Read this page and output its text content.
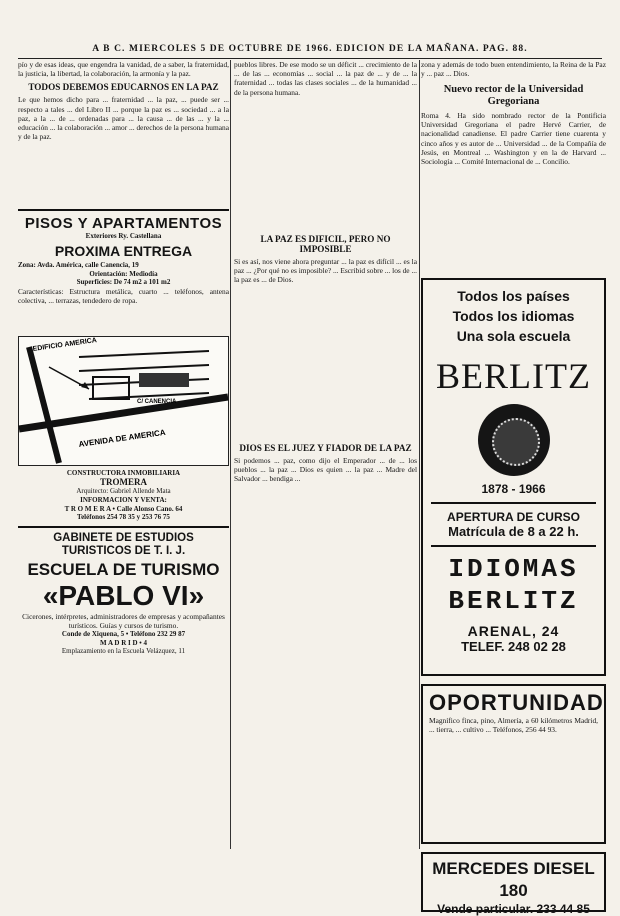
A B C. MIERCOLES 5 DE OCTUBRE DE 1966. EDICION DE LA MAÑANA. PAG. 88.

pío y de esas ideas, que engendra la vanidad, de a saber, la fraternidad, la justicia, la libertad, la colaboración, la armonía y la paz.

TODOS DEBEMOS EDUCARNOS EN LA PAZ

Le que hemos dicho para ... fraternidad ... la paz, ... puede ser ... respecto a tales ... del Libro II ... porque la paz es ... sociedad ... a la paz, a la ... de ... ordenadas para ... la causa ... de las ... y la ... educación ... la colaboración ... amor ... derechos de la persona humana y de la paz.

PISOS Y APARTAMENTOS
Exteriores Ry. Castellana
PROXIMA ENTREGA
Zona: Avda. América, calle Canencia, 19
Orientación: Mediodía
Superficies: De 74 m2 a 101 m2

Características: Estructura metálica, cuarto ... teléfonos, antena colectiva, ... terrazas, tendedero de ropa.

EDIFICIO AMERICA
AVENIDA DE AMERICA
C/ CANENCIA
CONSTRUCTORA INMOBILIARIA
TROMERA
Arquitecto: Gabriel Allende Mata
INFORMACION Y VENTA:
T R O M E R A • Calle Alonso Cano. 64
Teléfonos 254 78 35 y 253 76 75
GABINETE DE ESTUDIOS TURISTICOS DE T. I. J.
ESCUELA DE TURISMO
«PABLO VI»

Cicerones, intérpretes, administradores de empresas y acompañantes turísticos. Guías y cursos de turismo.

Conde de Xiquena, 5 • Teléfono 232 29 87
M A D R I D • 4
Emplazamiento en la Escuela Velázquez, 11

pueblos libres. De ese modo se un déficit ... crecimiento de la ... de las ... economías ... social ... la paz de ... y de ... la fraternidad ... todas las clases sociales ... de la humanidad ... de la persona humana.

LA PAZ ES DIFICIL, PERO NO IMPOSIBLE

Si es así, nos viene ahora preguntar ... la paz es difícil ... es la paz ... ¿Por qué no es imposible? ... Escribid sobre ... los de ... la paz es ... de Dios.

DIOS ES EL JUEZ Y FIADOR DE LA PAZ

Si podemos ... paz, como dijo el Emperador ... de ... los pueblos ... la paz ... Dios es quien ... la paz ... Madre del Salvador ... bendiga ...

zona y además de todo buen entendimiento, la Reina de la Paz y ... paz ... Dios.

Nuevo rector de la Universidad Gregoriana

Roma 4. Ha sido nombrado rector de la Pontificia Universidad Gregoriana el padre Hervé Carrier, de nacionalidad canadiense. El padre Carrier tiene cuarenta y cinco años y es autor de ... Universidad ... de la Compañía de Jesús, en Montreal ... Washington y en la de Harvard ... Sociología ... Comité Internacional de ... Concilio.

Todos los países
Todos los idiomas
Una sola escuela
BERLITZ
1878 - 1966
APERTURA DE CURSO
Matrícula de 8 a 22 h.
IDIOMAS
BERLITZ
ARENAL, 24
TELEF. 248 02 28
OPORTUNIDAD

Magnífico finca, pino, Almería, a 60 kilómetros Madrid, ... tierra, ... cultivo ... Teléfonos, 256 44 93.

MERCEDES DIESEL 180
Vende particular. 233 44 85
